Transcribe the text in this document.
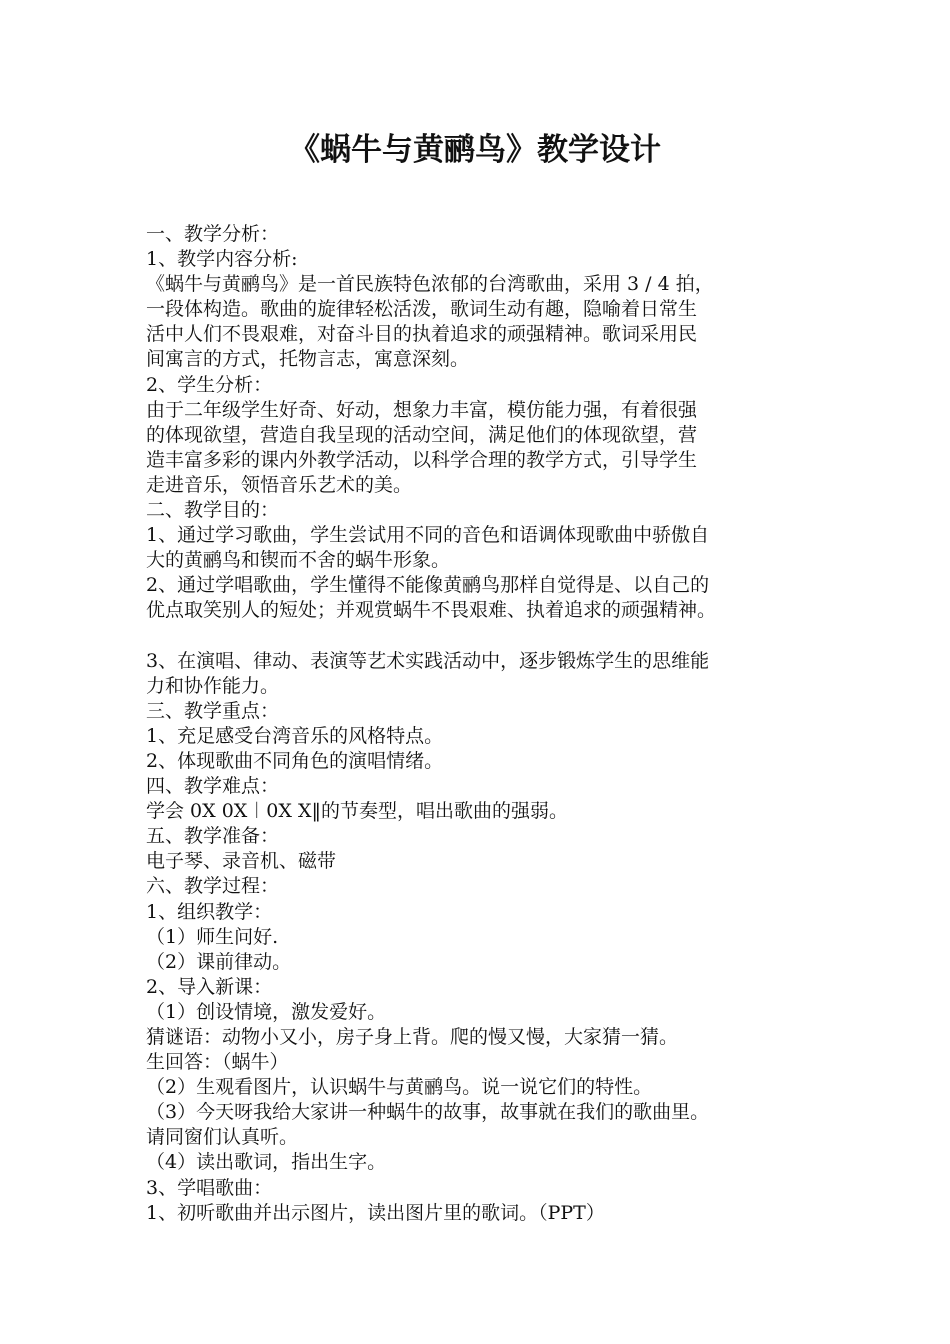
《蜗牛与黄鹂鸟》教学设计
一、教学分析：
1、教学内容分析:
《蜗牛与黄鹂鸟》是一首民族特色浓郁的台湾歌曲，采用 3 / 4 拍，
一段体构造。歌曲的旋律轻松活泼，歌词生动有趣，隐喻着日常生
活中人们不畏艰难，对奋斗目的执着追求的顽强精神。歌词采用民
间寓言的方式，托物言志，寓意深刻。
2、学生分析：
由于二年级学生好奇、好动，想象力丰富，模仿能力强，有着很强
的体现欲望，营造自我呈现的活动空间，满足他们的体现欲望，营
造丰富多彩的课内外教学活动，以科学合理的教学方式，引导学生
走进音乐，领悟音乐艺术的美。
二、教学目的：
1、通过学习歌曲，学生尝试用不同的音色和语调体现歌曲中骄傲自
大的黄鹂鸟和锲而不舍的蜗牛形象。
2、通过学唱歌曲，学生懂得不能像黄鹂鸟那样自觉得是、以自己的
优点取笑别人的短处；并观赏蜗牛不畏艰难、执着追求的顽强精神。
3、在演唱、律动、表演等艺术实践活动中，逐步锻炼学生的思维能
力和协作能力。
三、教学重点：
1、充足感受台湾音乐的风格特点。
2、体现歌曲不同角色的演唱情绪。
四、教学难点：
学会 0X 0X︱0X X‖的节奏型，唱出歌曲的强弱。
五、教学准备：
电子琴、录音机、磁带
六、教学过程：
1、组织教学：
（1）师生问好.
（2）课前律动。
2、导入新课：
（1）创设情境，激发爱好。
猜谜语：动物小又小，房子身上背。爬的慢又慢，大家猜一猜。
生回答：（蜗牛）
（2）生观看图片，认识蜗牛与黄鹂鸟。说一说它们的特性。
（3）今天呀我给大家讲一种蜗牛的故事，故事就在我们的歌曲里。
请同窗们认真听。
（4）读出歌词，指出生字。
3、学唱歌曲：
1、初听歌曲并出示图片，读出图片里的歌词。（PPT）
